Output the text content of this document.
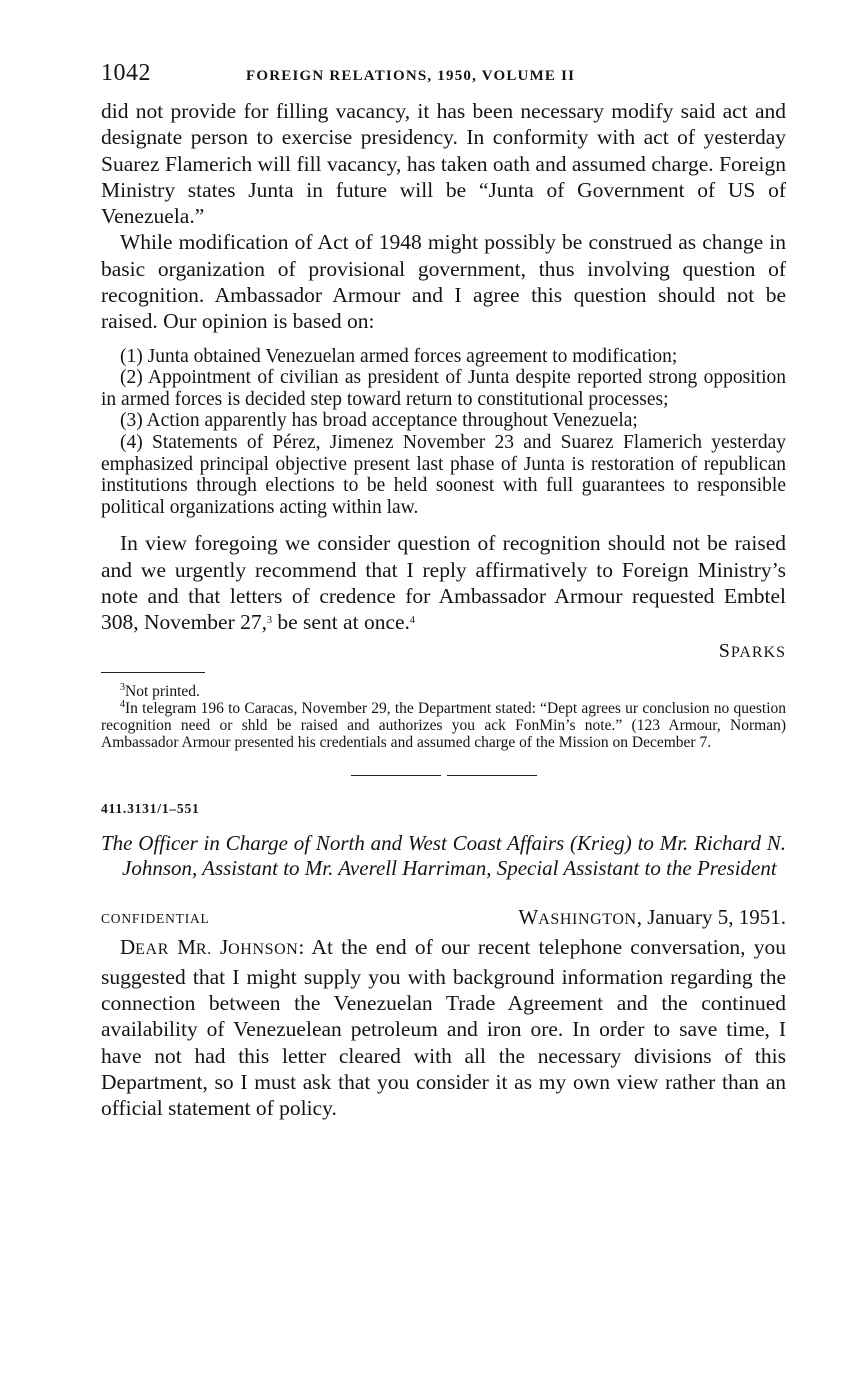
1042	FOREIGN RELATIONS, 1950, VOLUME II

did not provide for filling vacancy, it has been necessary modify said act and designate person to exercise presidency. In conformity with act of yesterday Suarez Flamerich will fill vacancy, has taken oath and assumed charge. Foreign Ministry states Junta in future will be “Junta of Government of US of Venezuela.”

While modification of Act of 1948 might possibly be construed as change in basic organization of provisional government, thus involving question of recognition. Ambassador Armour and I agree this question should not be raised. Our opinion is based on:

(1) Junta obtained Venezuelan armed forces agreement to modification;

(2) Appointment of civilian as president of Junta despite reported strong opposition in armed forces is decided step toward return to constitutional processes;

(3) Action apparently has broad acceptance throughout Venezuela;

(4) Statements of Pérez, Jimenez November 23 and Suarez Flamerich yesterday emphasized principal objective present last phase of Junta is restoration of republican institutions through elections to be held soonest with full guarantees to responsible political organizations acting within law.

In view foregoing we consider question of recognition should not be raised and we urgently recommend that I reply affirmatively to Foreign Ministry’s note and that letters of credence for Ambassador Armour requested Embtel 308, November 27,$^3$ be sent at once.$^4$

SPARKS

$^3$Not printed.

$^4$In telegram 196 to Caracas, November 29, the Department stated: “Dept agrees ur conclusion no question recognition need or shld be raised and authorizes you ack FonMin’s note.” (123 Armour, Norman) Ambassador Armour presented his credentials and assumed charge of the Mission on December 7.

411.3131/1–551

The Officer in Charge of North and West Coast Affairs (Krieg) to Mr. Richard N. Johnson, Assistant to Mr. Averell Harriman, Special Assistant to the President

CONFIDENTIAL	WASHINGTON, January 5, 1951.

DEAR MR. JOHNSON: At the end of our recent telephone conversation, you suggested that I might supply you with background information regarding the connection between the Venezuelan Trade Agreement and the continued availability of Venezuelean petroleum and iron ore. In order to save time, I have not had this letter cleared with all the necessary divisions of this Department, so I must ask that you consider it as my own view rather than an official statement of policy.
